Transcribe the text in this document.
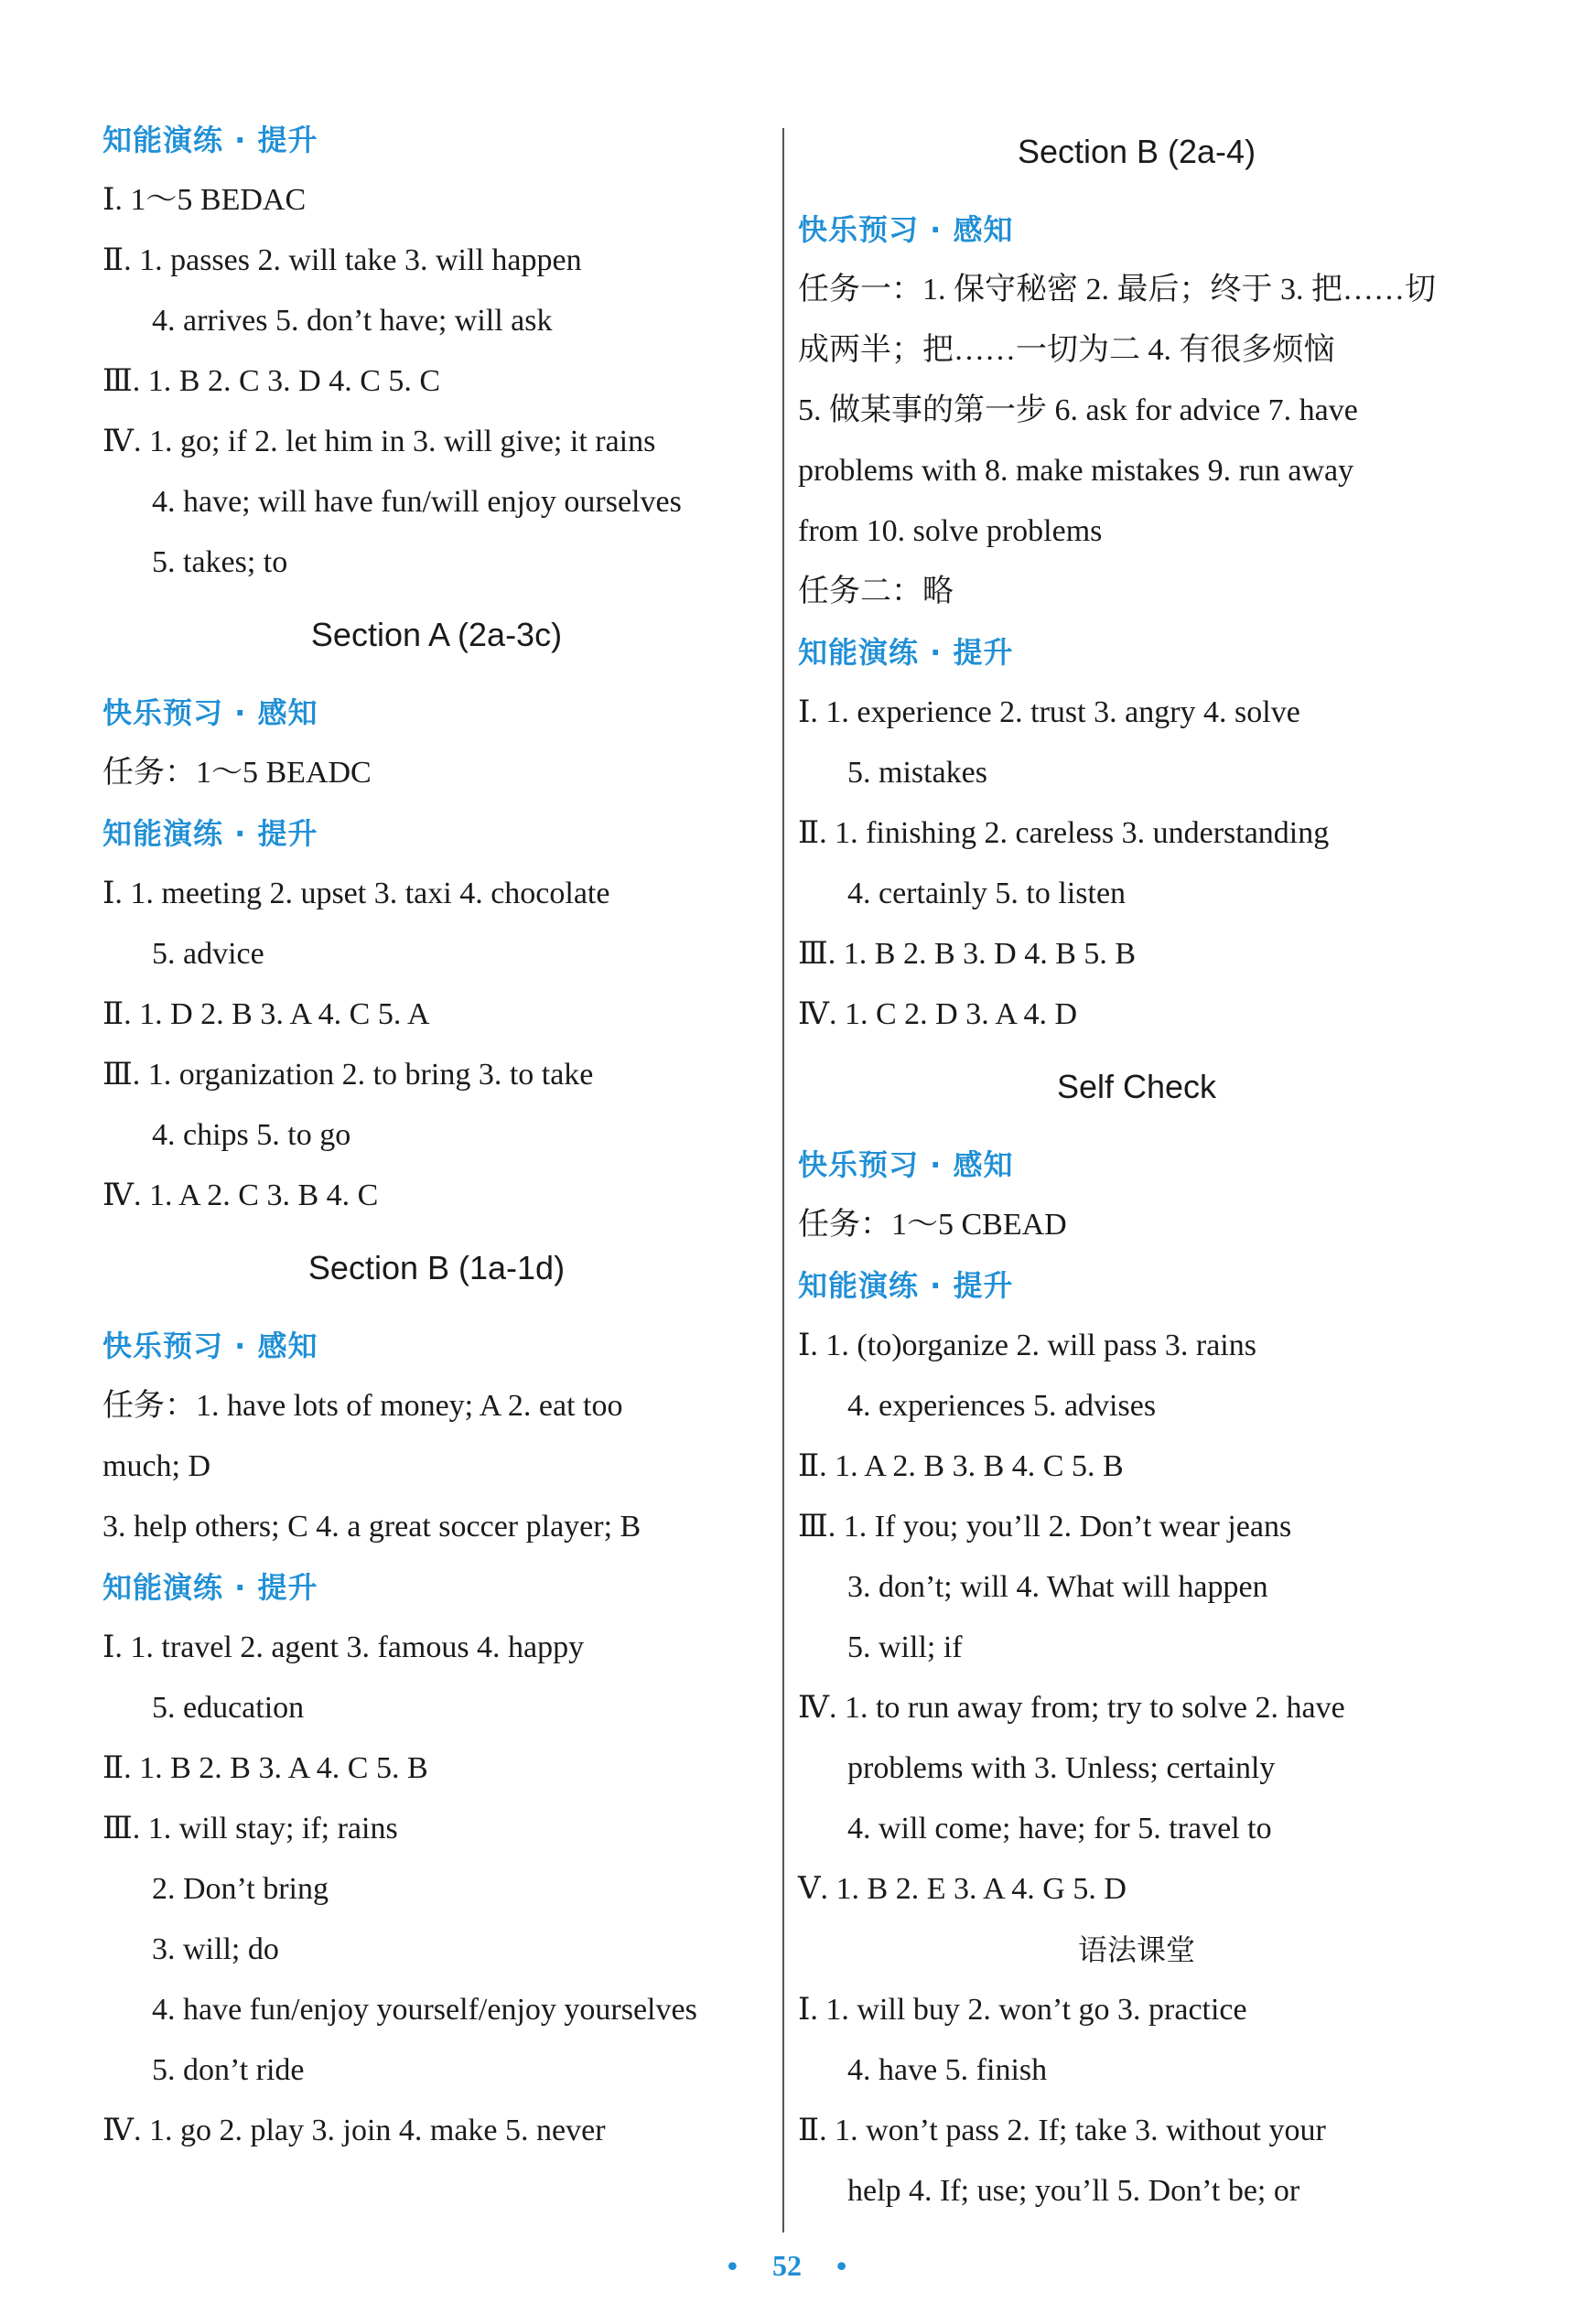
知能演练 · 提升
Ⅰ. 1～5 BEDAC
Ⅱ. 1. passes 2. will take 3. will happen
4. arrives 5. don’t have; will ask
Ⅲ. 1. B 2. C 3. D 4. C 5. C
Ⅳ. 1. go; if 2. let him in 3. will give; it rains
4. have; will have fun/will enjoy ourselves
5. takes; to
Section A (2a-3c)
快乐预习 · 感知
任务：1～5 BEADC
知能演练 · 提升
Ⅰ. 1. meeting 2. upset 3. taxi 4. chocolate
5. advice
Ⅱ. 1. D 2. B 3. A 4. C 5. A
Ⅲ. 1. organization 2. to bring 3. to take
4. chips 5. to go
Ⅳ. 1. A 2. C 3. B 4. C
Section B (1a-1d)
快乐预习 · 感知
任务：1. have lots of money; A 2. eat too
much; D
3. help others; C 4. a great soccer player; B
知能演练 · 提升
Ⅰ. 1. travel 2. agent 3. famous 4. happy
5. education
Ⅱ. 1. B 2. B 3. A 4. C 5. B
Ⅲ. 1. will stay; if; rains
2. Don’t bring
3. will; do
4. have fun/enjoy yourself/enjoy yourselves
5. don’t ride
Ⅳ. 1. go 2. play 3. join 4. make 5. never
Section B (2a-4)
快乐预习 · 感知
任务一：1. 保守秘密 2. 最后；终于 3. 把……切
成两半；把……一切为二 4. 有很多烦恼
5. 做某事的第一步 6. ask for advice 7. have
problems with 8. make mistakes 9. run away
from 10. solve problems
任务二：略
知能演练 · 提升
Ⅰ. 1. experience 2. trust 3. angry 4. solve
5. mistakes
Ⅱ. 1. finishing 2. careless 3. understanding
4. certainly 5. to listen
Ⅲ. 1. B 2. B 3. D 4. B 5. B
Ⅳ. 1. C 2. D 3. A 4. D
Self Check
快乐预习 · 感知
任务：1～5 CBEAD
知能演练 · 提升
Ⅰ. 1. (to)organize 2. will pass 3. rains
4. experiences 5. advises
Ⅱ. 1. A 2. B 3. B 4. C 5. B
Ⅲ. 1. If you; you’ll 2. Don’t wear jeans
3. don’t; will 4. What will happen
5. will; if
Ⅳ. 1. to run away from; try to solve 2. have
problems with 3. Unless; certainly
4. will come; have; for 5. travel to
Ⅴ. 1. B 2. E 3. A 4. G 5. D
语法课堂
Ⅰ. 1. will buy 2. won’t go 3. practice
4. have 5. finish
Ⅱ. 1. won’t pass 2. If; take 3. without your
help 4. If; use; you’ll 5. Don’t be; or
• 52 •
